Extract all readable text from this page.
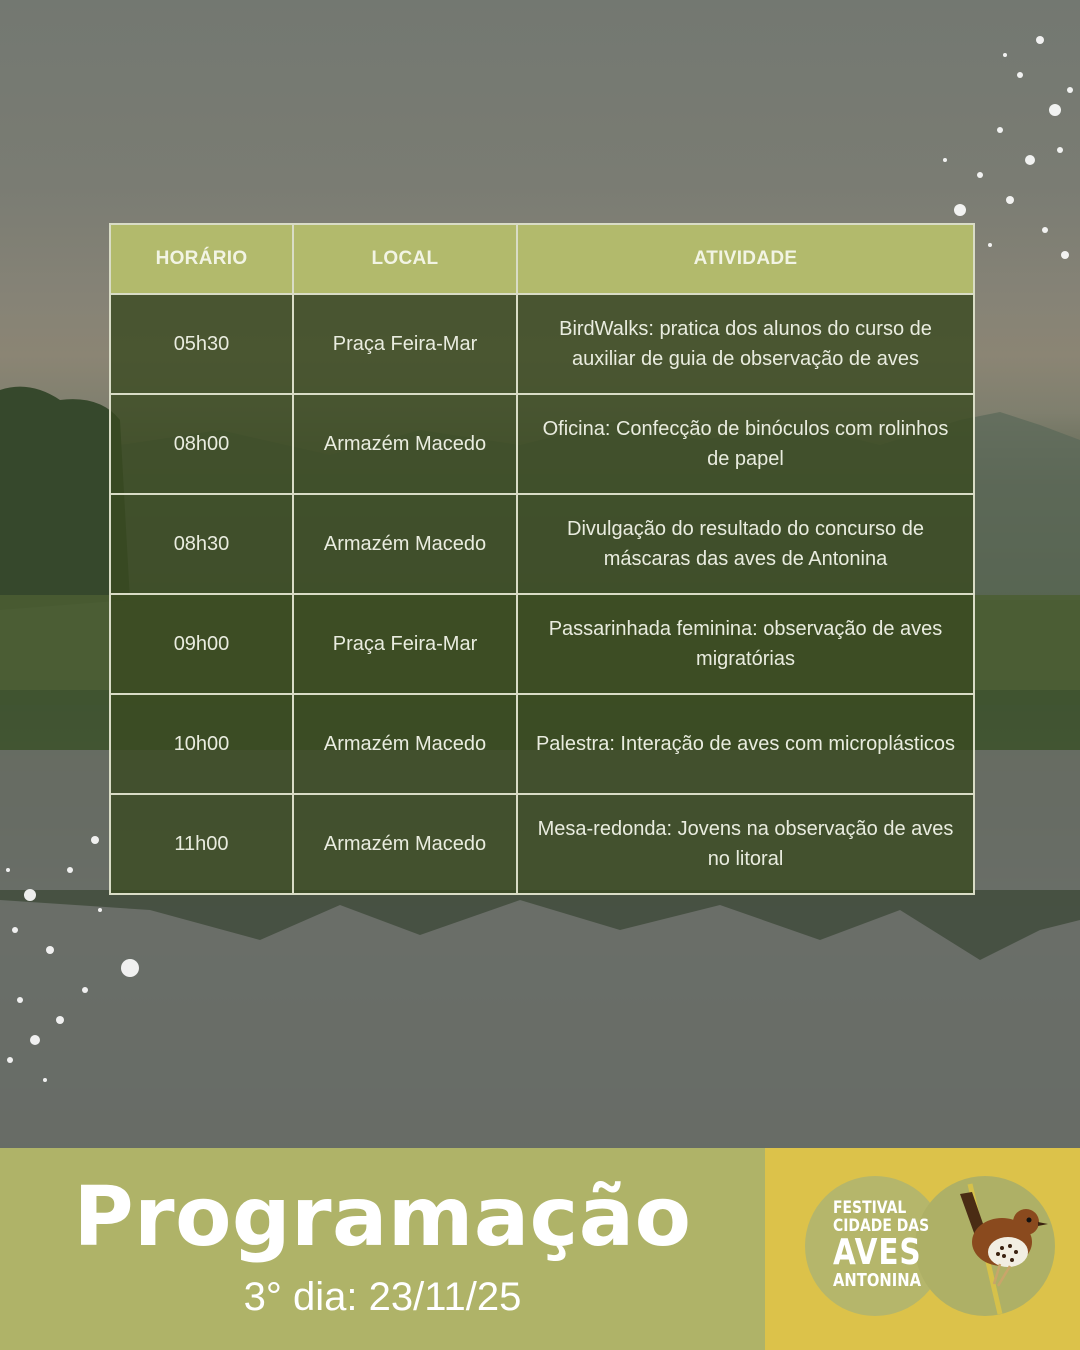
HORÁRIO	LOCAL	ATIVIDADE
05h30	Praça Feira-Mar	BirdWalks: pratica dos alunos do curso de auxiliar de guia de observação de aves
08h00	Armazém Macedo	Oficina: Confecção de binóculos com rolinhos de papel
08h30	Armazém Macedo	Divulgação do resultado do concurso de máscaras das aves de Antonina
09h00	Praça Feira-Mar	Passarinhada feminina: observação de aves migratórias
10h00	Armazém Macedo	Palestra: Interação de aves com microplásticos
11h00	Armazém Macedo	Mesa-redonda: Jovens na observação de aves no litoral
Programação
3° dia: 23/11/25
FESTIVAL
CIDADE DAS
AVES
ANTONINA
